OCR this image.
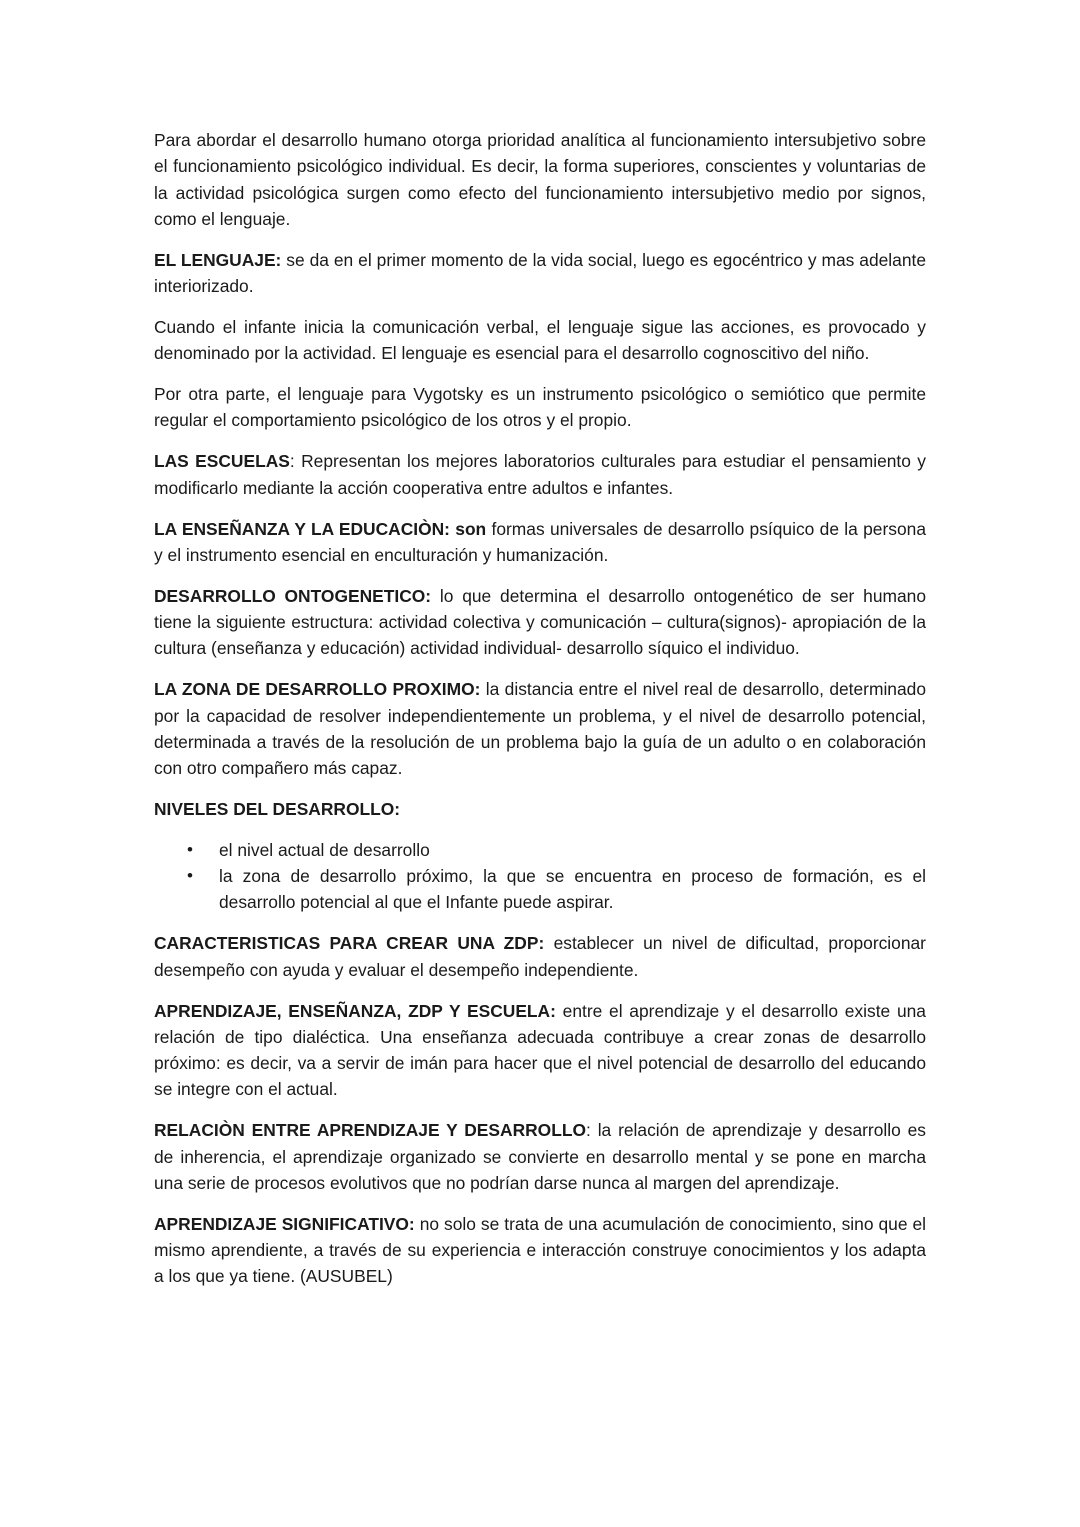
Para abordar el desarrollo humano otorga prioridad analítica al funcionamiento intersubjetivo sobre el funcionamiento psicológico individual. Es decir, la forma superiores, conscientes y voluntarias de la actividad psicológica surgen como efecto del funcionamiento intersubjetivo medio por signos, como el lenguaje.

EL LENGUAJE: se da en el primer momento de la vida social, luego es egocéntrico y mas adelante interiorizado.

Cuando el infante inicia la comunicación verbal, el lenguaje sigue las acciones, es provocado y denominado por la actividad. El lenguaje es esencial para el desarrollo cognoscitivo del niño.

Por otra parte, el lenguaje para Vygotsky es un instrumento psicológico o semiótico que permite regular el comportamiento psicológico de los otros y el propio.

LAS ESCUELAS: Representan los mejores laboratorios culturales para estudiar el pensamiento y modificarlo mediante la acción cooperativa entre adultos e infantes.

LA ENSEÑANZA Y LA EDUCACIÒN: son formas universales de desarrollo psíquico de la persona y el instrumento esencial en enculturación y humanización.

DESARROLLO ONTOGENETICO: lo que determina el desarrollo ontogenético de ser humano tiene la siguiente estructura: actividad colectiva y comunicación – cultura(signos)- apropiación de la cultura (enseñanza y educación) actividad individual- desarrollo síquico el individuo.

LA ZONA DE DESARROLLO PROXIMO: la distancia entre el nivel real de desarrollo, determinado por la capacidad de resolver independientemente un problema, y el nivel de desarrollo potencial, determinada a través de la resolución de un problema bajo la guía de un adulto o en colaboración con otro compañero más capaz.

NIVELES DEL DESARROLLO:

• el nivel actual de desarrollo
• la zona de desarrollo próximo, la que se encuentra en proceso de formación, es el desarrollo potencial al que el Infante puede aspirar.

CARACTERISTICAS PARA CREAR UNA ZDP: establecer un nivel de dificultad, proporcionar desempeño con ayuda y evaluar el desempeño independiente.

APRENDIZAJE, ENSEÑANZA, ZDP Y ESCUELA: entre el aprendizaje y el desarrollo existe una relación de tipo dialéctica. Una enseñanza adecuada contribuye a crear zonas de desarrollo próximo: es decir, va a servir de imán para hacer que el nivel potencial de desarrollo del educando se integre con el actual.

RELACIÒN ENTRE APRENDIZAJE Y DESARROLLO: la relación de aprendizaje y desarrollo es de inherencia, el aprendizaje organizado se convierte en desarrollo mental y se pone en marcha una serie de procesos evolutivos que no podrían darse nunca al margen del aprendizaje.

APRENDIZAJE SIGNIFICATIVO: no solo se trata de una acumulación de conocimiento, sino que el mismo aprendiente, a través de su experiencia e interacción construye conocimientos y los adapta a los que ya tiene. (AUSUBEL)
